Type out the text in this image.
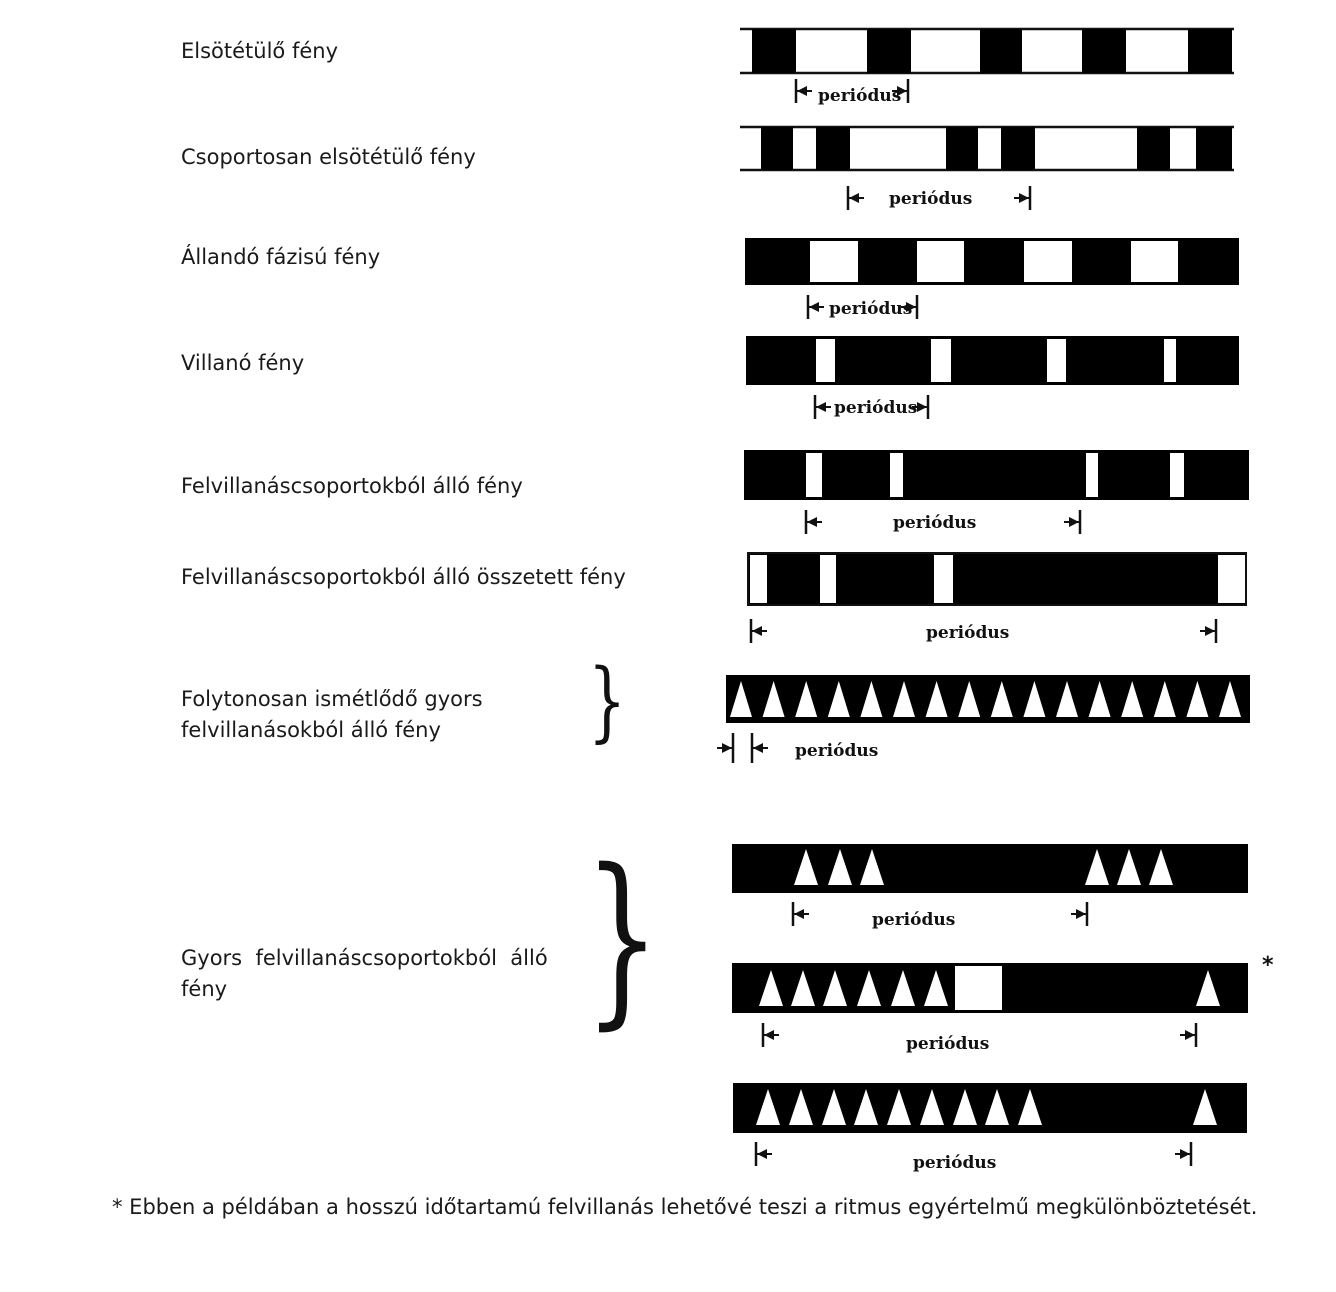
Elsötétülő fény
Csoportosan elsötétülő fény
Állandó fázisú fény
Villanó fény
Felvillanáscsoportokból álló fény
Felvillanáscsoportokból álló összetett fény
Folytonosan ismétlődő gyors
felvillanásokból álló fény
Gyors  felvillanáscsoportokból  álló
fény
}
}
periódus
periódus
periódus
periódus
periódus
periódus
periódus
periódus
periódus
periódus
*
* Ebben a példában a hosszú időtartamú felvillanás lehetővé teszi a ritmus egyértelmű megkülönböztetését.
